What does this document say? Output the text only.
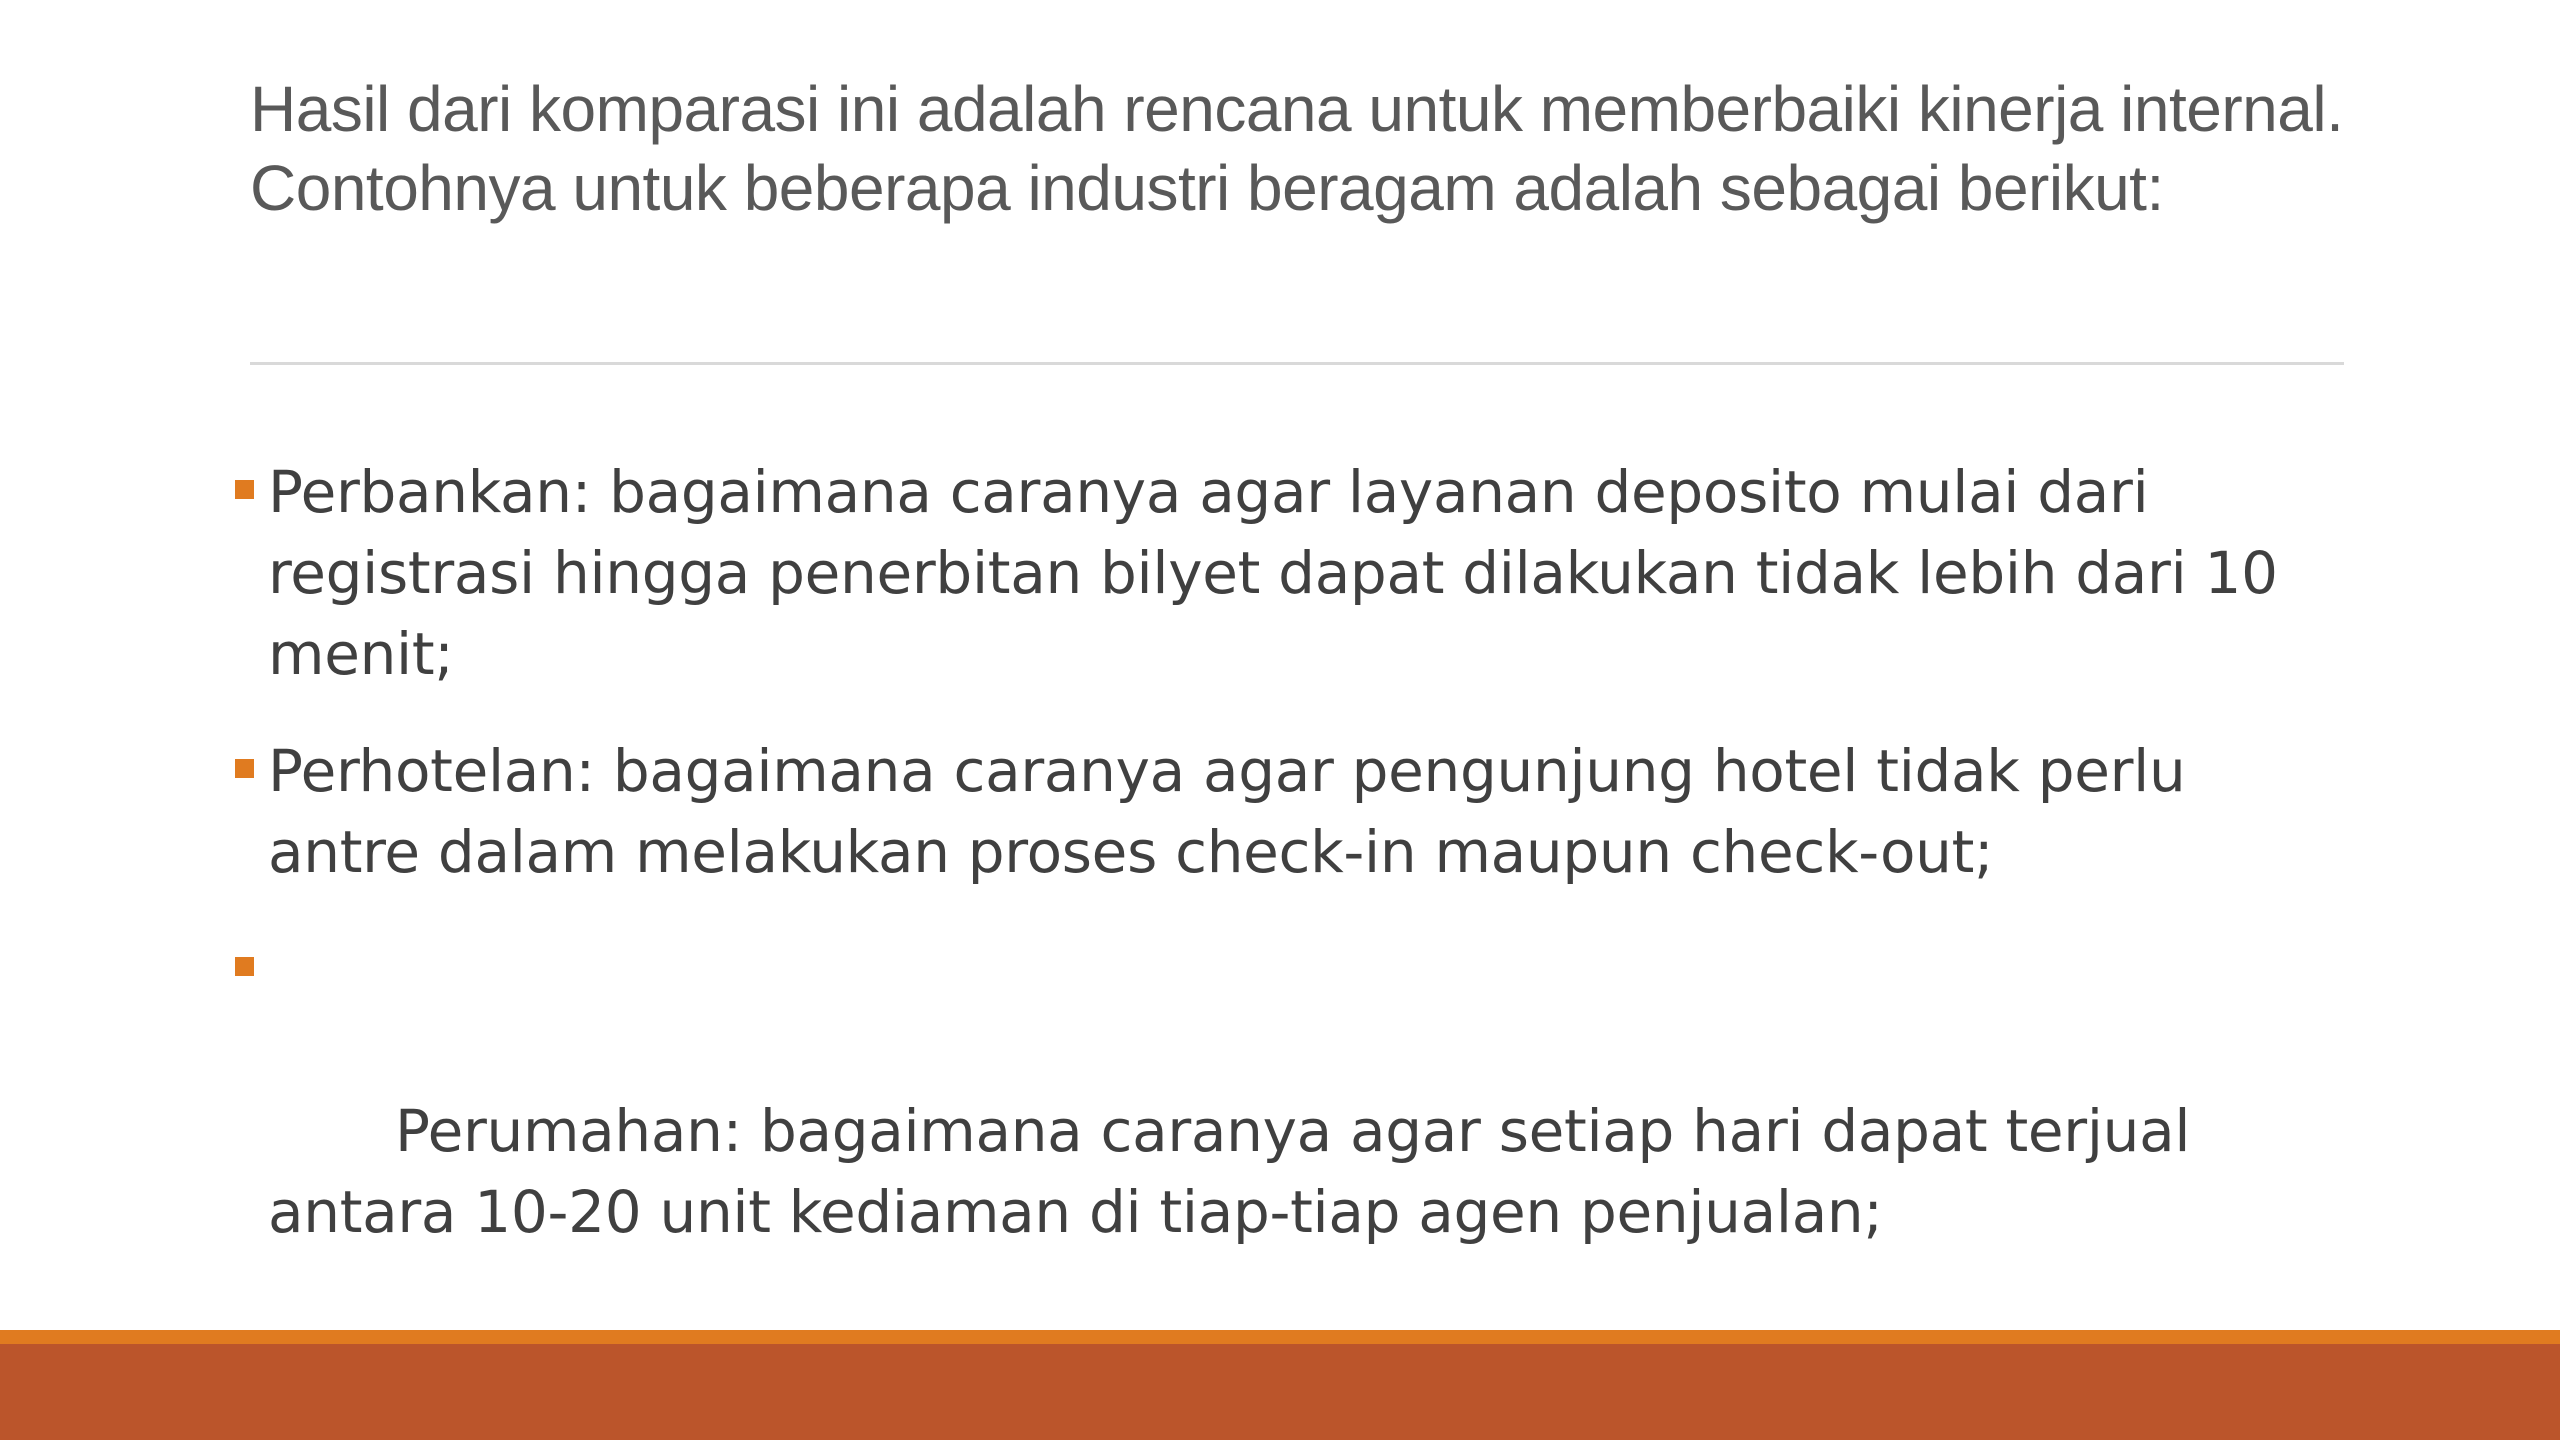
Hasil dari komparasi ini adalah rencana untuk memberbaiki kinerja internal. Contohnya untuk beberapa industri beragam adalah sebagai berikut:
Perbankan: bagaimana caranya agar layanan deposito mulai dari registrasi hingga penerbitan bilyet dapat dilakukan tidak lebih dari 10 menit;
Perhotelan: bagaimana caranya agar pengunjung hotel tidak perlu antre dalam melakukan proses check-in maupun check-out;

Perumahan: bagaimana caranya agar setiap hari dapat terjual antara 10-20 unit kediaman di tiap-tiap agen penjualan;
